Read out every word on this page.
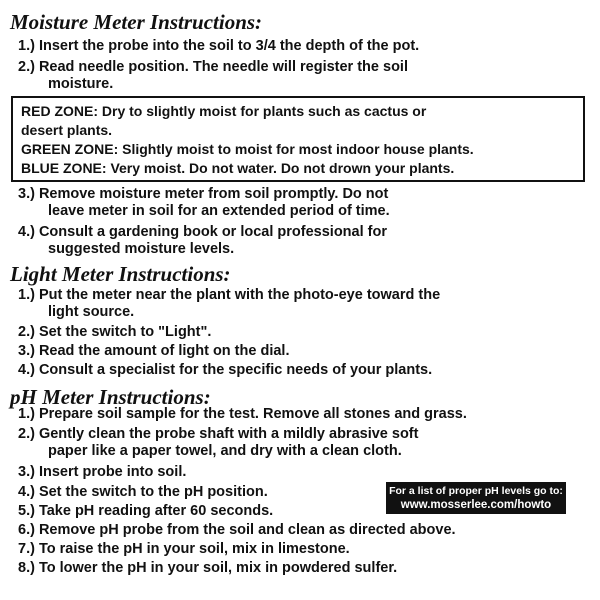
Moisture Meter Instructions:
1.) Insert the probe into the soil to 3/4 the depth of the pot.
2.) Read needle position. The needle will register the soil
moisture.
RED ZONE: Dry to slightly moist for plants such as cactus or
desert plants.
GREEN ZONE: Slightly moist to moist for most indoor house plants.
BLUE ZONE: Very moist. Do not water. Do not drown your plants.
3.) Remove moisture meter from soil promptly. Do not
leave meter in soil for an extended period of time.
4.) Consult a gardening book or local professional for
suggested moisture levels.
Light Meter Instructions:
1.) Put the meter near the plant with the photo-eye toward the
light source.
2.) Set the switch to "Light".
3.) Read the amount of light on the dial.
4.) Consult a specialist for the specific needs of your plants.
pH Meter Instructions:
1.) Prepare soil sample for the test. Remove all stones and grass.
2.) Gently clean the probe shaft with a mildly abrasive soft
paper like a paper towel, and dry with a clean cloth.
3.) Insert probe into soil.
4.) Set the switch to the pH position.
5.) Take pH reading after 60 seconds.
6.) Remove pH probe from the soil and clean as directed above.
7.) To raise the pH in your soil, mix in limestone.
8.) To lower the pH in your soil, mix in powdered sulfer.
For a list of proper pH levels go to:
www.mosserlee.com/howto
